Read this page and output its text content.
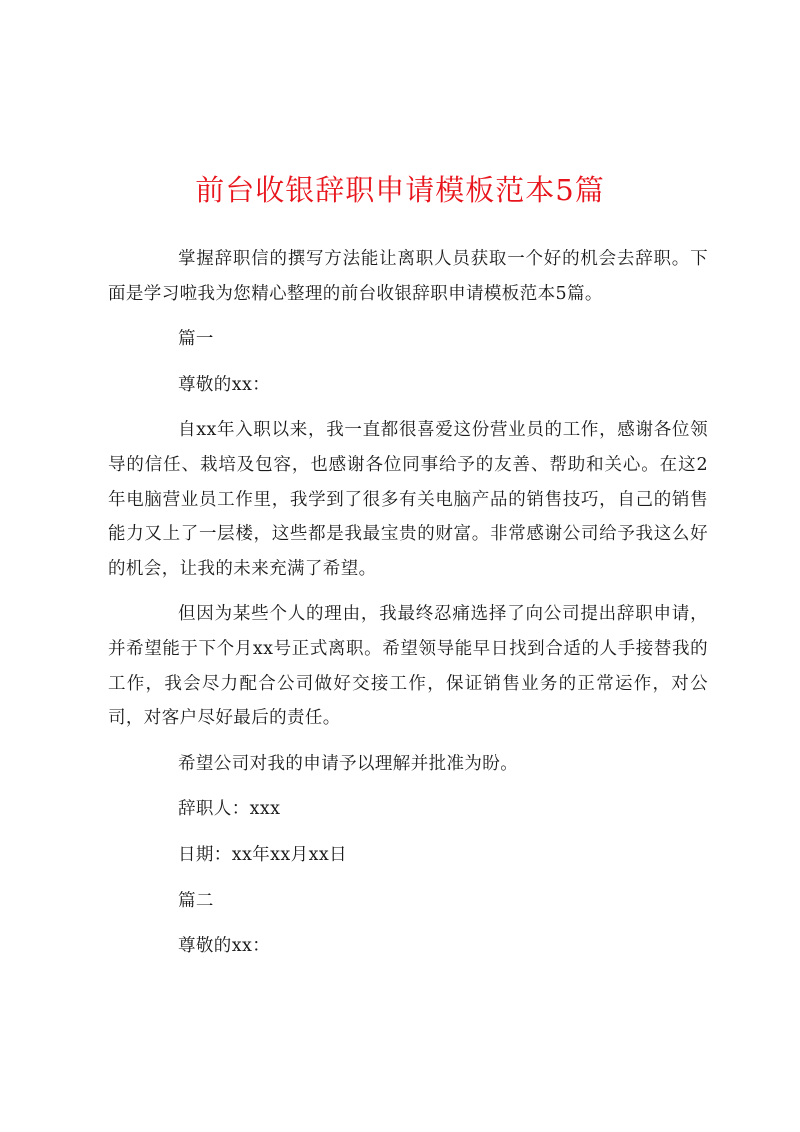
前台收银辞职申请模板范本5篇

掌握辞职信的撰写方法能让离职人员获取一个好的机会去辞职。下面是学习啦我为您精心整理的前台收银辞职申请模板范本5篇。

篇一

尊敬的xx：

自xx年入职以来，我一直都很喜爱这份营业员的工作，感谢各位领导的信任、栽培及包容，也感谢各位同事给予的友善、帮助和关心。在这2年电脑营业员工作里，我学到了很多有关电脑产品的销售技巧，自己的销售能力又上了一层楼，这些都是我最宝贵的财富。非常感谢公司给予我这么好的机会，让我的未来充满了希望。

但因为某些个人的理由，我最终忍痛选择了向公司提出辞职申请，并希望能于下个月xx号正式离职。希望领导能早日找到合适的人手接替我的工作，我会尽力配合公司做好交接工作，保证销售业务的正常运作，对公司，对客户尽好最后的责任。

希望公司对我的申请予以理解并批准为盼。

辞职人：xxx

日期：xx年xx月xx日

篇二

尊敬的xx：
